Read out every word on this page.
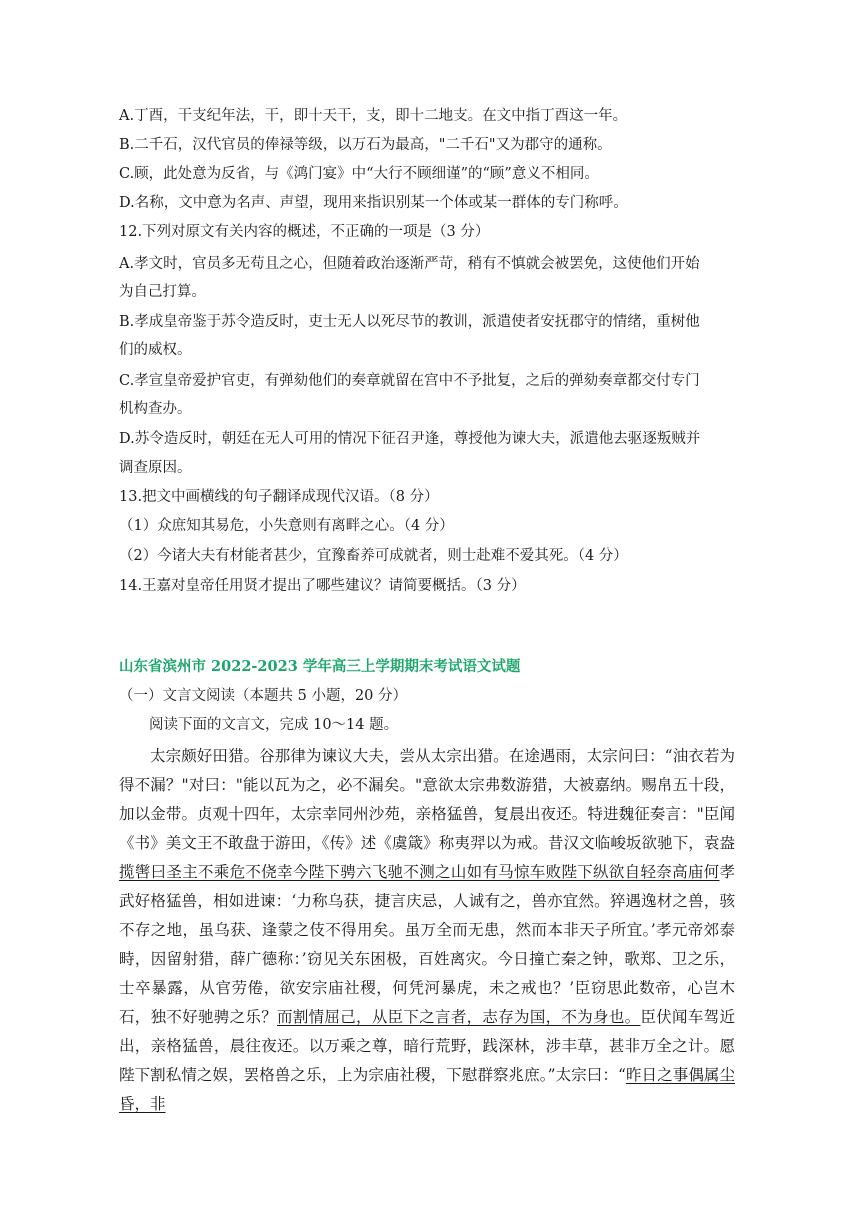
A.丁酉，干支纪年法，干，即十天干，支，即十二地支。在文中指丁酉这一年。
B.二千石，汉代官员的俸禄等级，以万石为最高，"二千石"又为郡守的通称。
C.顾，此处意为反省，与《鸿门宴》中“大行不顾细谨”的“顾”意义不相同。
D.名称，文中意为名声、声望，现用来指识别某一个体或某一群体的专门称呼。
12.下列对原文有关内容的概述，不正确的一项是（3 分）
A.孝文时，官员多无苟且之心，但随着政治逐渐严苛，稍有不慎就会被罢免，这使他们开始
为自己打算。
B.孝成皇帝鉴于苏令造反时，吏士无人以死尽节的教训，派遣使者安抚郡守的情绪，重树他
们的威权。
C.孝宣皇帝爱护官吏，有弹劾他们的奏章就留在宫中不予批复，之后的弹劾奏章都交付专门
机构查办。
D.苏令造反时，朝廷在无人可用的情况下征召尹逢，尊授他为谏大夫，派遣他去驱逐叛贼并
调查原因。
13.把文中画横线的句子翻译成现代汉语。（8 分）
（1）众庶知其易危，小失意则有离畔之心。（4 分）
（2）今诸大夫有材能者甚少，宜豫畜养可成就者，则士赴难不爱其死。（4 分）
14.王嘉对皇帝任用贤才提出了哪些建议？请简要概括。（3 分）
山东省滨州市 2022-2023 学年高三上学期期末考试语文试题
（一）文言文阅读（本题共 5 小题，20 分）
阅读下面的文言文，完成 10～14 题。
太宗颇好田猎。谷那律为谏议大夫，尝从太宗出猎。在途遇雨，太宗问曰：“油衣若为得不漏？"对曰："能以瓦为之，必不漏矣。"意欲太宗弗数游猎，大被嘉纳。赐帛五十段，加以金带。贞观十四年，太宗幸同州沙苑，亲格猛兽，复晨出夜还。特进魏征奏言："臣闻《书》美文王不敢盘于游田，《传》述《虞箴》称夷羿以为戒。昔汉文临峻坂欲驰下，袁盎揽辔曰圣主不乘危不侥幸今陛下骋六飞驰不测之山如有马惊车败陛下纵欲自轻奈高庙何孝武好格猛兽，相如进谏：‘力称乌获，捷言庆忌，人诚有之，兽亦宜然。猝遇逸材之兽，骇不存之地，虽乌获、逢蒙之伎不得用矣。虽万全而无患，然而本非天子所宜。’孝元帝郊泰畤，因留射猎，薛广德称：’窃见关东困极，百姓离灾。今日撞亡秦之钟，歌郑、卫之乐，士卒暴露，从官劳倦，欲安宗庙社稷，何凭河暴虎，未之戒也？’臣窃思此数帝，心岂木石，独不好驰骋之乐？而割情屈己，从臣下之言者，志存为国，不为身也。臣伏闻车驾近出，亲格猛兽，晨往夜还。以万乘之尊，暗行荒野，践深林，涉丰草，甚非万全之计。愿陛下割私情之娱，罢格兽之乐，上为宗庙社稷，下慰群察兆庶。”太宗曰：“昨日之事偶属尘昏，非
